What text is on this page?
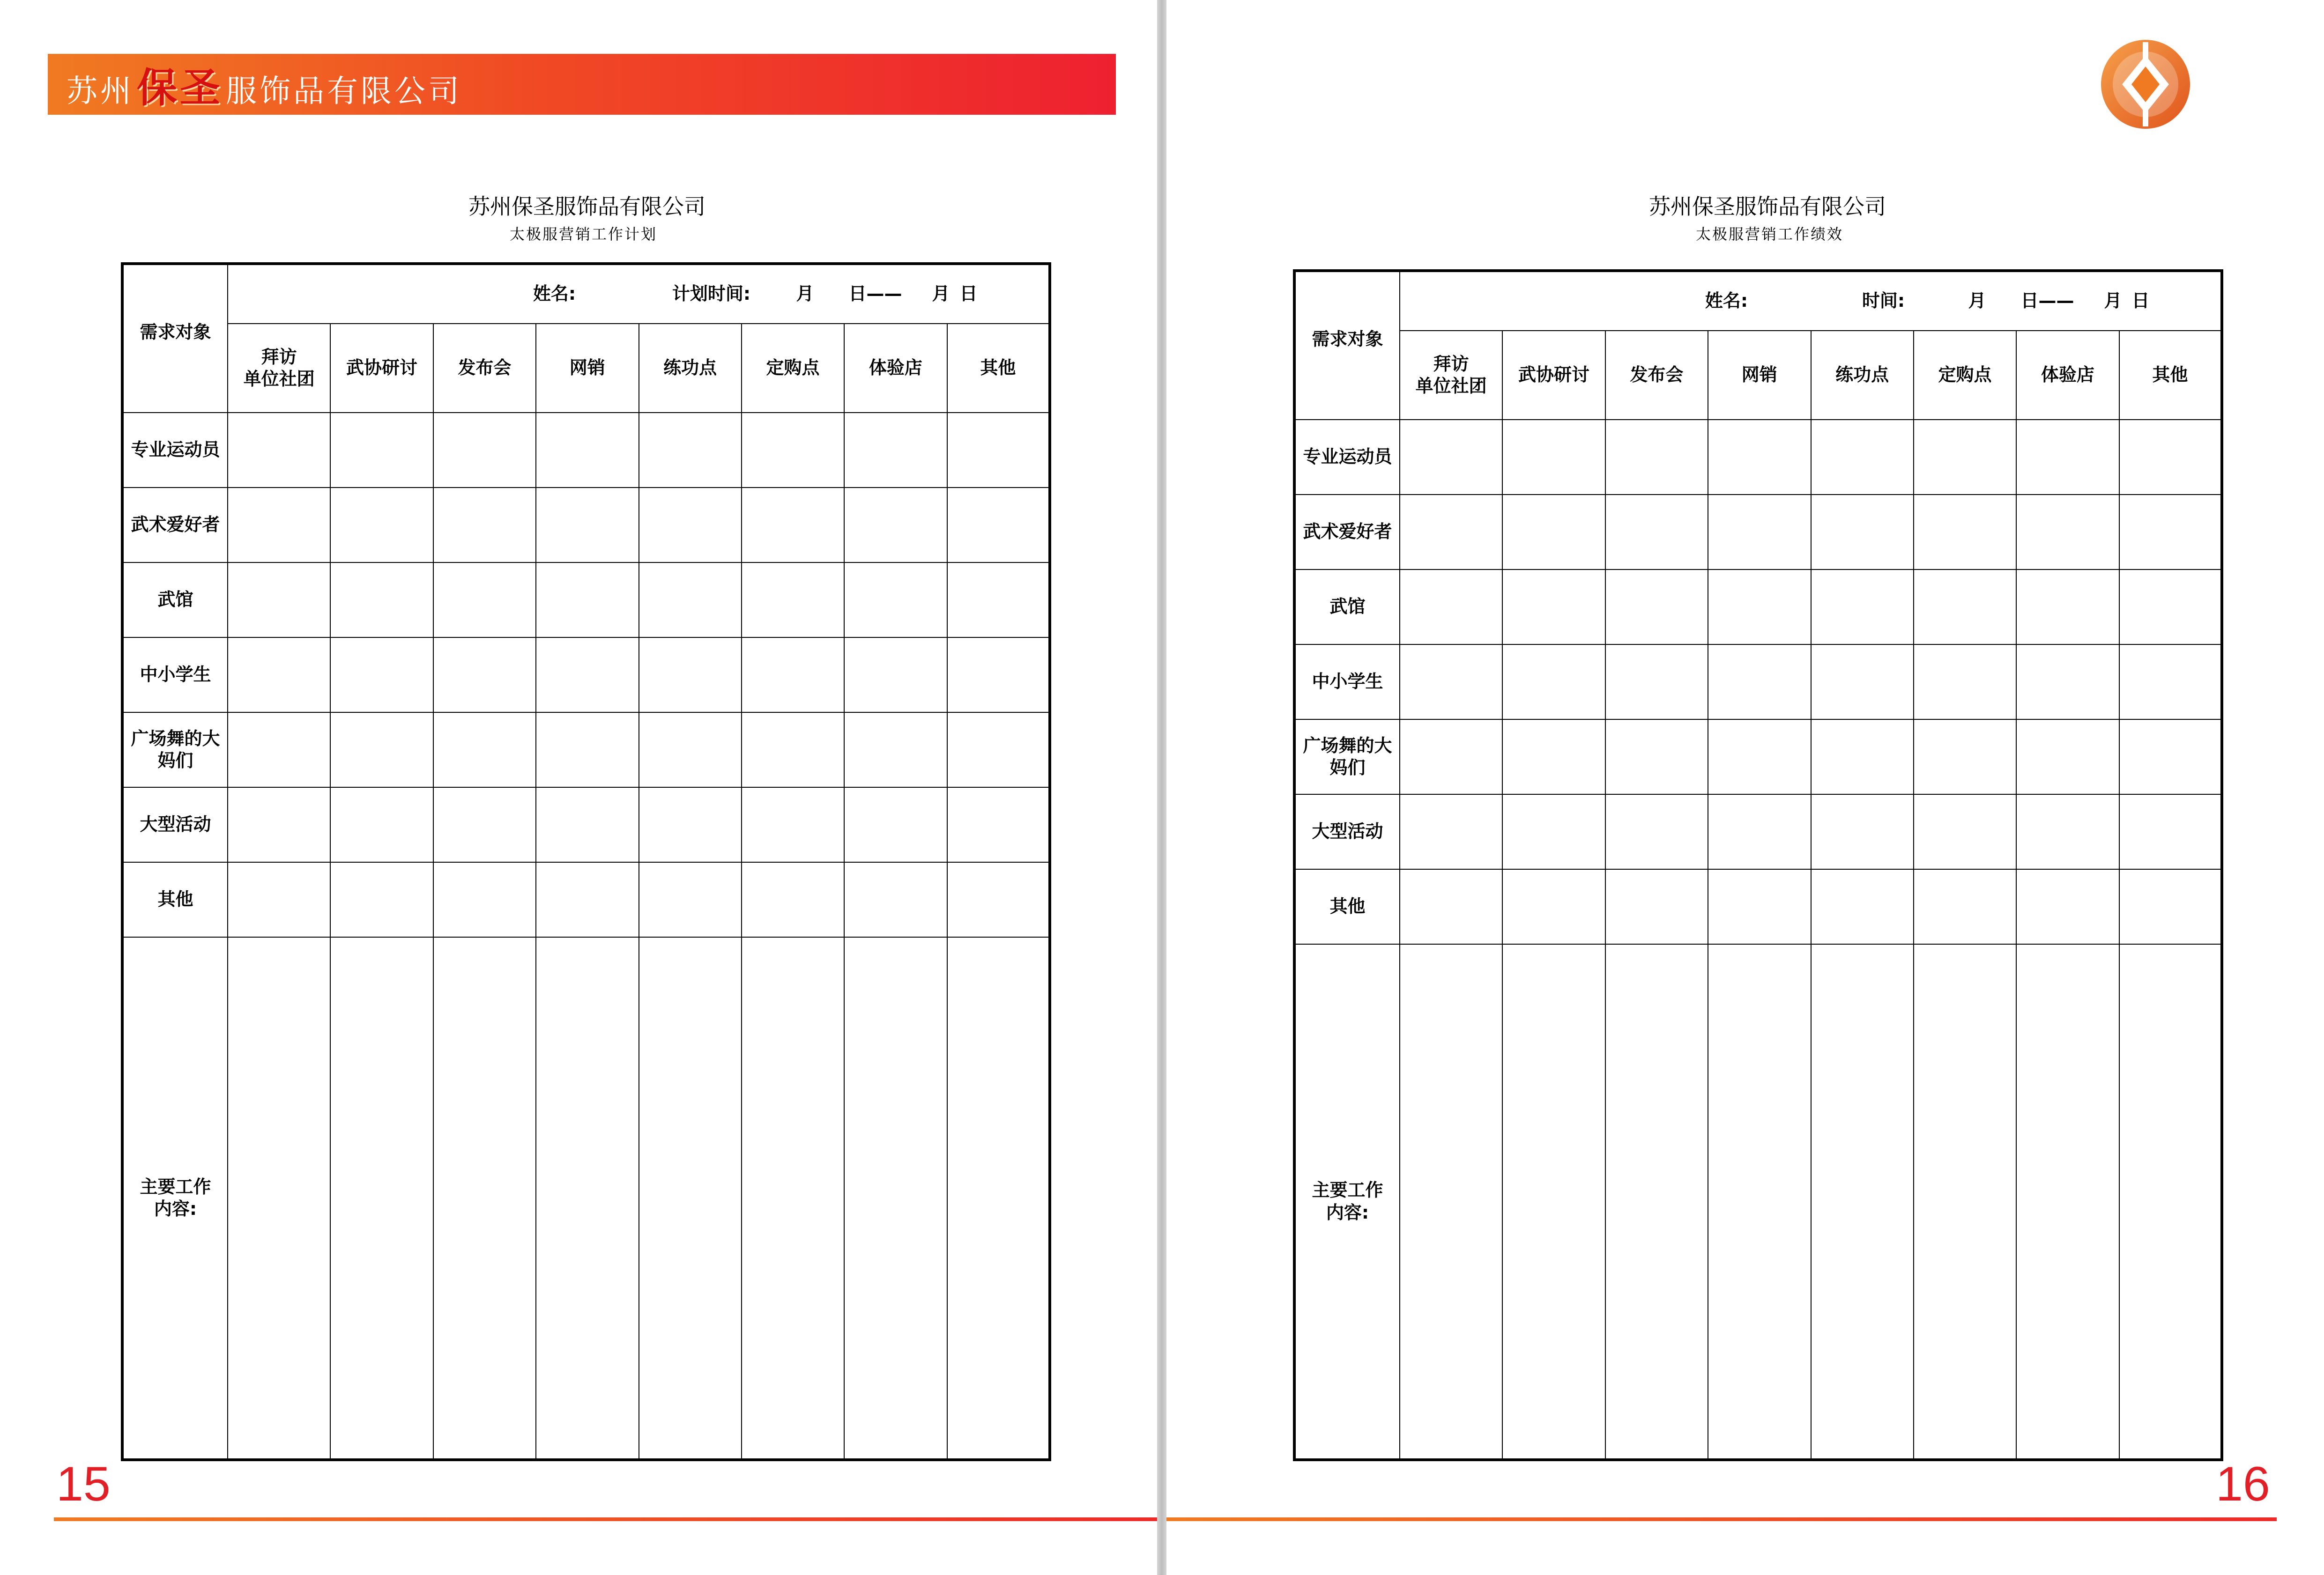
苏州保圣服饰品有限公司
苏州保圣服饰品有限公司
太极服营销工作计划
需求对象	姓名: 计划时间: 月 日—— 月 日							
	拜访
单位社团	武协研讨	发布会	网销	练功点	定购点	体验店	其他
专业运动员								
武术爱好者								
武馆								
中小学生								
广场舞的大
妈们								
大型活动								
其他								
主要工作
内容:								
15
苏州保圣服饰品有限公司
太极服营销工作绩效
需求对象	姓名: 时间: 月 日—— 月 日							
	拜访
单位社团	武协研讨	发布会	网销	练功点	定购点	体验店	其他
专业运动员								
武术爱好者								
武馆								
中小学生								
广场舞的大
妈们								
大型活动								
其他								
主要工作
内容:								
16
